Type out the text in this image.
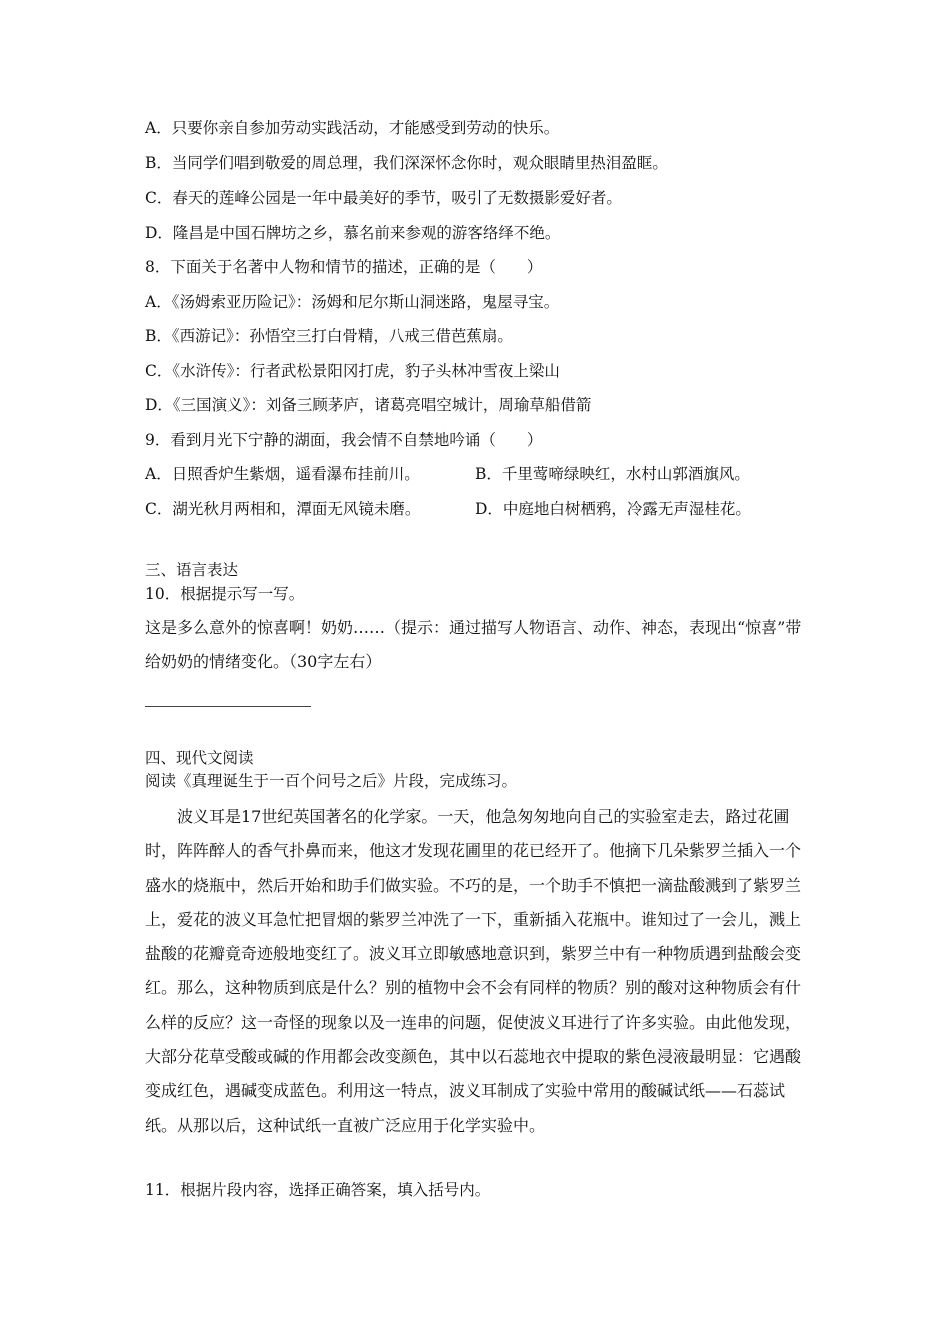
A．只要你亲自参加劳动实践活动，才能感受到劳动的快乐。
B．当同学们唱到敬爱的周总理，我们深深怀念你时，观众眼睛里热泪盈眶。
C．春天的莲峰公园是一年中最美好的季节，吸引了无数摄影爱好者。
D．隆昌是中国石牌坊之乡，慕名前来参观的游客络绎不绝。
8．下面关于名著中人物和情节的描述，正确的是（　　）
A．《汤姆索亚历险记》：汤姆和尼尔斯山洞迷路，鬼屋寻宝。
B．《西游记》：孙悟空三打白骨精，八戒三借芭蕉扇。
C．《水浒传》：行者武松景阳冈打虎，豹子头林冲雪夜上梁山
D．《三国演义》：刘备三顾茅庐，诸葛亮唱空城计，周瑜草船借箭
9．看到月光下宁静的湖面，我会情不自禁地吟诵（　　）
A．日照香炉生紫烟，遥看瀑布挂前川。	B．千里莺啼绿映红，水村山郭酒旗风。
C．湖光秋月两相和，潭面无风镜未磨。	D．中庭地白树栖鸦，冷露无声湿桂花。
三、语言表达
10．根据提示写一写。
这是多么意外的惊喜啊！奶奶……（提示：通过描写人物语言、动作、神态，表现出“惊喜”带给奶奶的情绪变化。（30字左右）
四、现代文阅读
阅读《真理诞生于一百个问号之后》片段，完成练习。
波义耳是17世纪英国著名的化学家。一天，他急匆匆地向自己的实验室走去，路过花圃时，阵阵醉人的香气扑鼻而来，他这才发现花圃里的花已经开了。他摘下几朵紫罗兰插入一个盛水的烧瓶中，然后开始和助手们做实验。不巧的是，一个助手不慎把一滴盐酸溅到了紫罗兰上，爱花的波义耳急忙把冒烟的紫罗兰冲洗了一下，重新插入花瓶中。谁知过了一会儿，溅上盐酸的花瓣竟奇迹般地变红了。波义耳立即敏感地意识到，紫罗兰中有一种物质遇到盐酸会变红。那么，这种物质到底是什么？别的植物中会不会有同样的物质？别的酸对这种物质会有什么样的反应？这一奇怪的现象以及一连串的问题，促使波义耳进行了许多实验。由此他发现，大部分花草受酸或碱的作用都会改变颜色，其中以石蕊地衣中提取的紫色浸液最明显：它遇酸变成红色，遇碱变成蓝色。利用这一特点，波义耳制成了实验中常用的酸碱试纸——石蕊试纸。从那以后，这种试纸一直被广泛应用于化学实验中。
11．根据片段内容，选择正确答案，填入括号内。
